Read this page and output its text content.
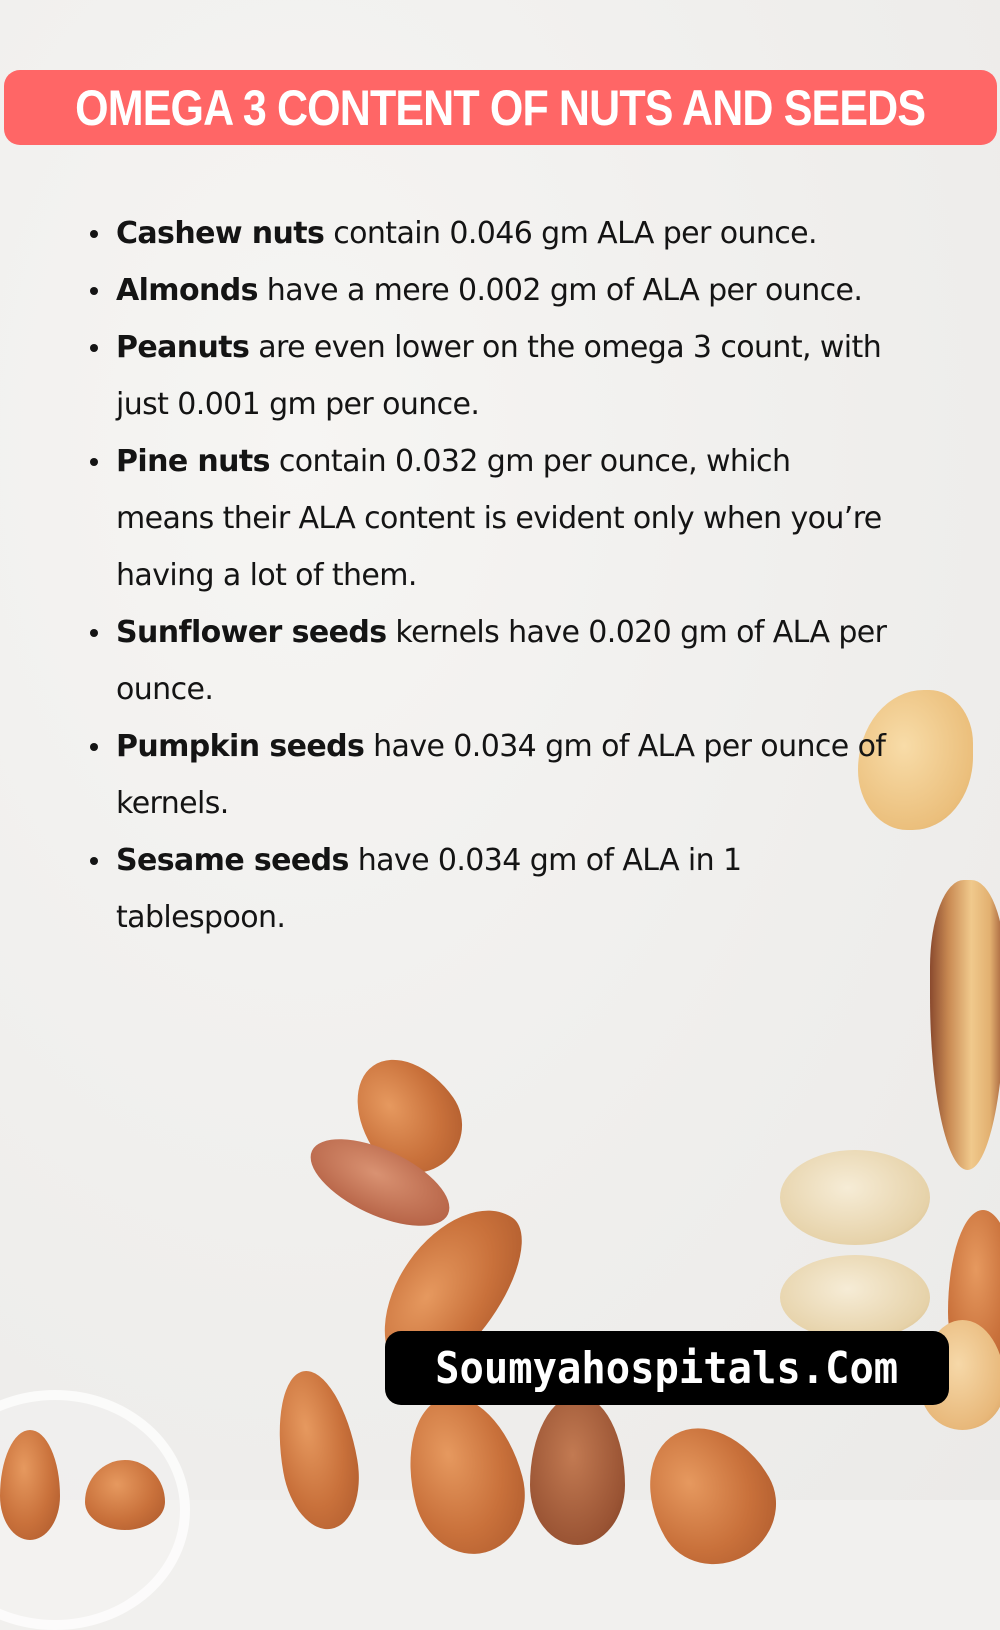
OMEGA 3 CONTENT OF NUTS AND SEEDS
Cashew nuts contain 0.046 gm ALA per ounce.
Almonds have a mere 0.002 gm of ALA per ounce.
Peanuts are even lower on the omega 3 count, with just 0.001 gm per ounce.
Pine nuts contain 0.032 gm per ounce, which means their ALA content is evident only when you’re having a lot of them.
Sunflower seeds kernels have 0.020 gm of ALA per ounce.
Pumpkin seeds have 0.034 gm of ALA per ounce of kernels.
Sesame seeds have 0.034 gm of ALA in 1 tablespoon.
Soumyahospitals.Com
